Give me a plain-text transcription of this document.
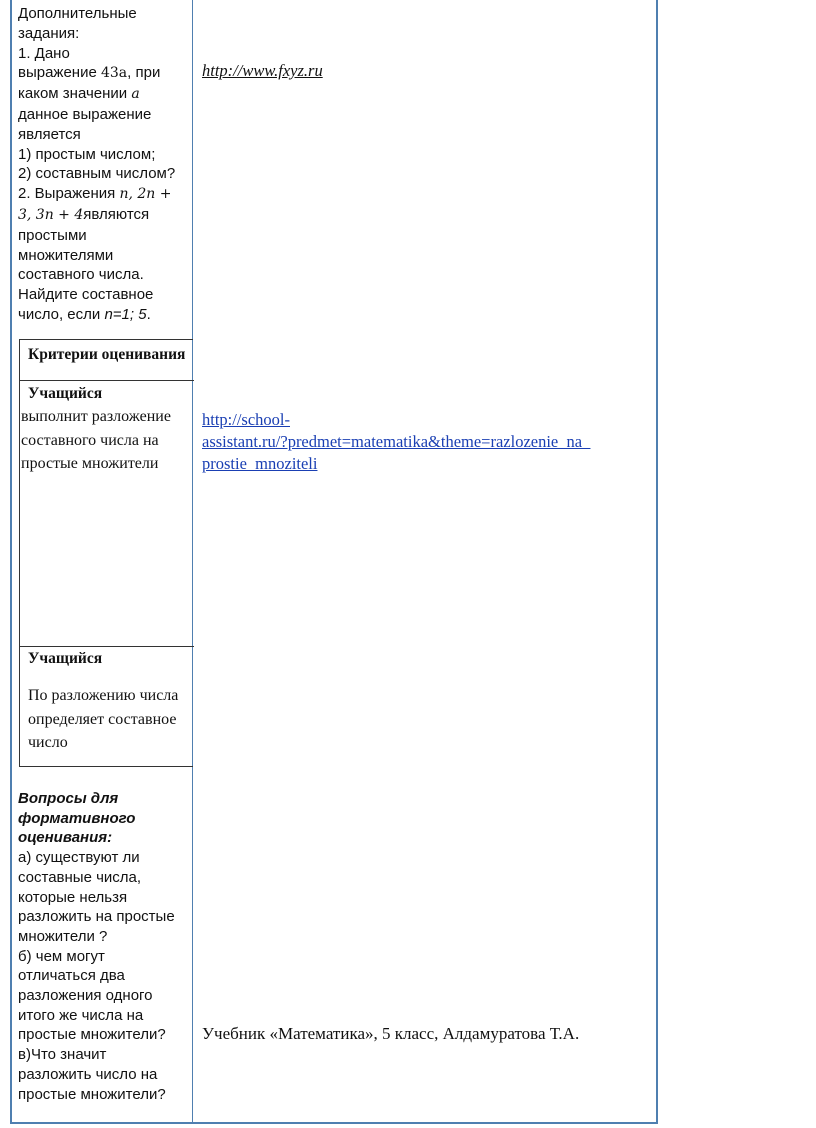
Дополнительные
задания:
1. Дано
выражение 43a, при
каком значении a
данное выражение
является
1) простым числом;
2) составным числом?
2. Выражения n, 2n +
3, 3n + 4являются
простыми
множителями
составного числа.
Найдите составное
число, если n=1; 5.
http://www.fxyz.ru
Критерии оценивания
Учащийся
выполнит разложение
составного числа на
простые множители
Учащийся
По разложению числа
определяет составное
число
http://school-
assistant.ru/?predmet=matematika&theme=razlozenie_na_
prostie_mnoziteli
Вопросы для
формативного
оценивания:
а) существуют ли
составные числа,
которые нельзя
разложить на простые
множители ?
б) чем могут
отличаться два
разложения одного
итого же числа на
простые множители?
в)Что значит
разложить число на
простые множители?
Учебник «Математика», 5 класс, Алдамуратова Т.А.
